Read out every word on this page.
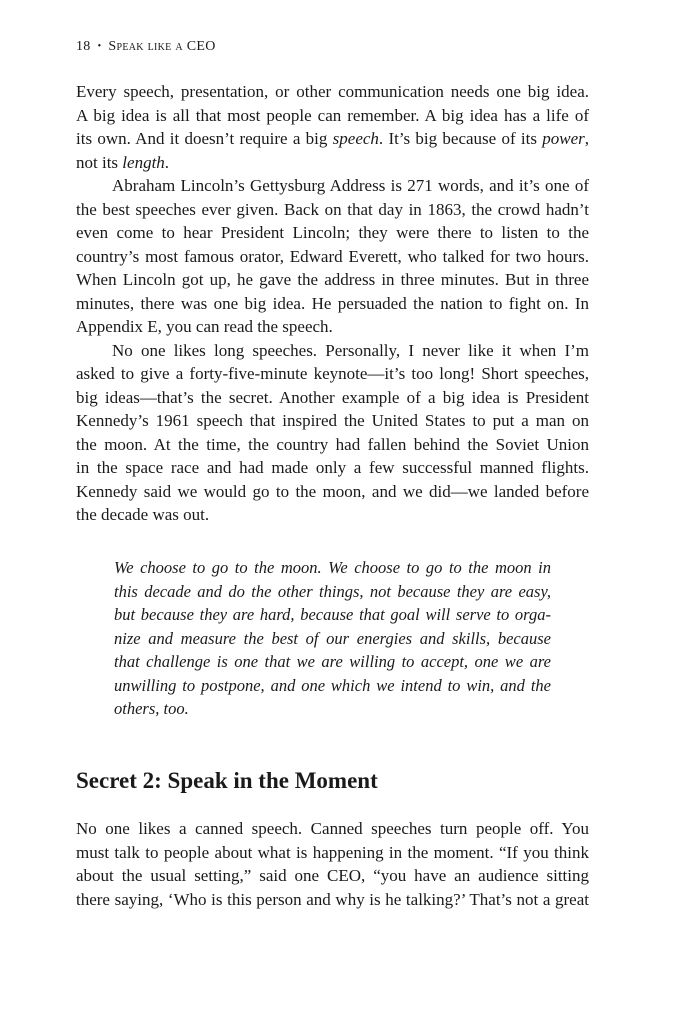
18 • Speak like a CEO
Every speech, presentation, or other communication needs one big idea.
A big idea is all that most people can remember. A big idea has a life of
its own. And it doesn’t require a big speech. It’s big because of its power,
not its length.
Abraham Lincoln’s Gettysburg Address is 271 words, and it’s one of
the best speeches ever given. Back on that day in 1863, the crowd hadn’t
even come to hear President Lincoln; they were there to listen to the
country’s most famous orator, Edward Everett, who talked for two hours.
When Lincoln got up, he gave the address in three minutes. But in three
minutes, there was one big idea. He persuaded the nation to fight on. In
Appendix E, you can read the speech.
No one likes long speeches. Personally, I never like it when I’m
asked to give a forty-five-minute keynote—it’s too long! Short speeches,
big ideas—that’s the secret. Another example of a big idea is President
Kennedy’s 1961 speech that inspired the United States to put a man on
the moon. At the time, the country had fallen behind the Soviet Union
in the space race and had made only a few successful manned flights.
Kennedy said we would go to the moon, and we did—we landed before
the decade was out.
We choose to go to the moon. We choose to go to the moon in
this decade and do the other things, not because they are easy,
but because they are hard, because that goal will serve to orga-
nize and measure the best of our energies and skills, because
that challenge is one that we are willing to accept, one we are
unwilling to postpone, and one which we intend to win, and the
others, too.
Secret 2: Speak in the Moment
No one likes a canned speech. Canned speeches turn people off. You
must talk to people about what is happening in the moment. “If you think
about the usual setting,” said one CEO, “you have an audience sitting
there saying, ‘Who is this person and why is he talking?’ That’s not a great
